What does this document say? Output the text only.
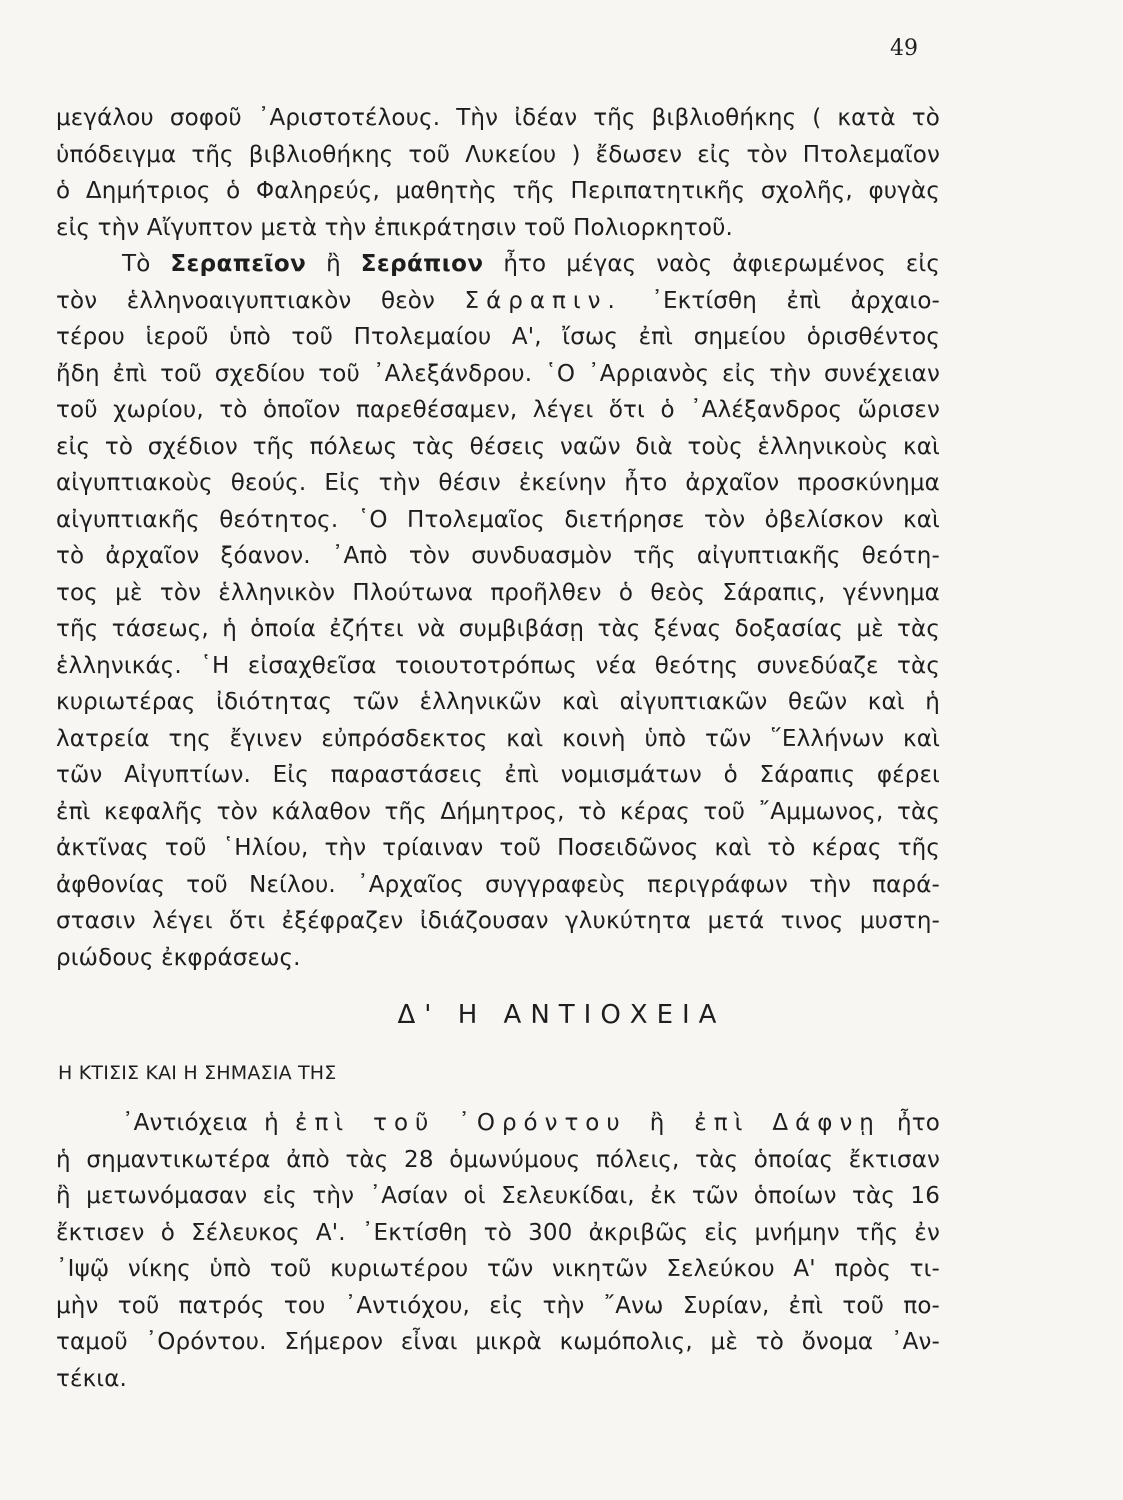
49
μεγάλου σοφοῦ ᾿Αριστοτέλους. Τὴν ἰδέαν τῆς βιβλιοθήκης ( κατὰ τὸ
ὑπόδειγμα τῆς βιβλιοθήκης τοῦ Λυκείου ) ἔδωσεν εἰς τὸν Πτολεμαῖον
ὁ Δημήτριος ὁ Φαληρεύς, μαθητὴς τῆς Περιπατητικῆς σχολῆς, φυγὰς
εἰς τὴν Αἴγυπτον μετὰ τὴν ἐπικράτησιν τοῦ Πολιορκητοῦ.
Τὸ Σεραπεῖον ἢ Σεράπιον ἦτο μέγας ναὸς ἀφιερωμένος εἰς
τὸν ἑλληνοαιγυπτιακὸν θεὸν Σάραπιν. ᾿Εκτίσθη ἐπὶ ἀρχαιο-
τέρου ἱεροῦ ὑπὸ τοῦ Πτολεμαίου Α', ἴσως ἐπὶ σημείου ὁρισθέντος
ἤδη ἐπὶ τοῦ σχεδίου τοῦ ᾿Αλεξάνδρου. ῾Ο ᾿Αρριανὸς εἰς τὴν συνέχειαν
τοῦ χωρίου, τὸ ὁποῖον παρεθέσαμεν, λέγει ὅτι ὁ ᾿Αλέξανδρος ὥρισεν
εἰς τὸ σχέδιον τῆς πόλεως τὰς θέσεις ναῶν διὰ τοὺς ἑλληνικοὺς καὶ
αἰγυπτιακοὺς θεούς. Εἰς τὴν θέσιν ἐκείνην ἦτο ἀρχαῖον προσκύνημα
αἰγυπτιακῆς θεότητος. ῾Ο Πτολεμαῖος διετήρησε τὸν ὀβελίσκον καὶ
τὸ ἀρχαῖον ξόανον. ᾿Απὸ τὸν συνδυασμὸν τῆς αἰγυπτιακῆς θεότη-
τος μὲ τὸν ἑλληνικὸν Πλούτωνα προῆλθεν ὁ θεὸς Σάραπις, γέννημα
τῆς τάσεως, ἡ ὁποία ἐζήτει νὰ συμβιβάσῃ τὰς ξένας δοξασίας μὲ τὰς
ἑλληνικάς. ῾Η εἰσαχθεῖσα τοιουτοτρόπως νέα θεότης συνεδύαζε τὰς
κυριωτέρας ἰδιότητας τῶν ἑλληνικῶν καὶ αἰγυπτιακῶν θεῶν καὶ ἡ
λατρεία της ἔγινεν εὐπρόσδεκτος καὶ κοινὴ ὑπὸ τῶν ῞Ελλήνων καὶ
τῶν Αἰγυπτίων. Εἰς παραστάσεις ἐπὶ νομισμάτων ὁ Σάραπις φέρει
ἐπὶ κεφαλῆς τὸν κάλαθον τῆς Δήμητρος, τὸ κέρας τοῦ ῎Αμμωνος, τὰς
ἀκτῖνας τοῦ ῾Ηλίου, τὴν τρίαιναν τοῦ Ποσειδῶνος καὶ τὸ κέρας τῆς
ἀφθονίας τοῦ Νείλου. ᾿Αρχαῖος συγγραφεὺς περιγράφων τὴν παρά-
στασιν λέγει ὅτι ἐξέφραζεν ἰδιάζουσαν γλυκύτητα μετά τινος μυστη-
ριώδους ἐκφράσεως.
Δ' Η ΑΝΤΙΟΧΕΙΑ
Η ΚΤΙΣΙΣ ΚΑΙ Η ΣΗΜΑΣΙΑ ΤΗΣ
᾿Αντιόχεια ἡ ἐπὶ τοῦ ᾿Ορόντου ἢ ἐπὶ Δάφνῃ ἦτο
ἡ σημαντικωτέρα ἀπὸ τὰς 28 ὁμωνύμους πόλεις, τὰς ὁποίας ἔκτισαν
ἢ μετωνόμασαν εἰς τὴν ᾿Ασίαν οἱ Σελευκίδαι, ἐκ τῶν ὁποίων τὰς 16
ἔκτισεν ὁ Σέλευκος Α'. ᾿Εκτίσθη τὸ 300 ἀκριβῶς εἰς μνήμην τῆς ἐν
᾿Ιψῷ νίκης ὑπὸ τοῦ κυριωτέρου τῶν νικητῶν Σελεύκου Α' πρὸς τι-
μὴν τοῦ πατρός του ᾿Αντιόχου, εἰς τὴν ῎Ανω Συρίαν, ἐπὶ τοῦ πο-
ταμοῦ ᾿Ορόντου. Σήμερον εἶναι μικρὰ κωμόπολις, μὲ τὸ ὄνομα ᾿Αν-
τέκια.
